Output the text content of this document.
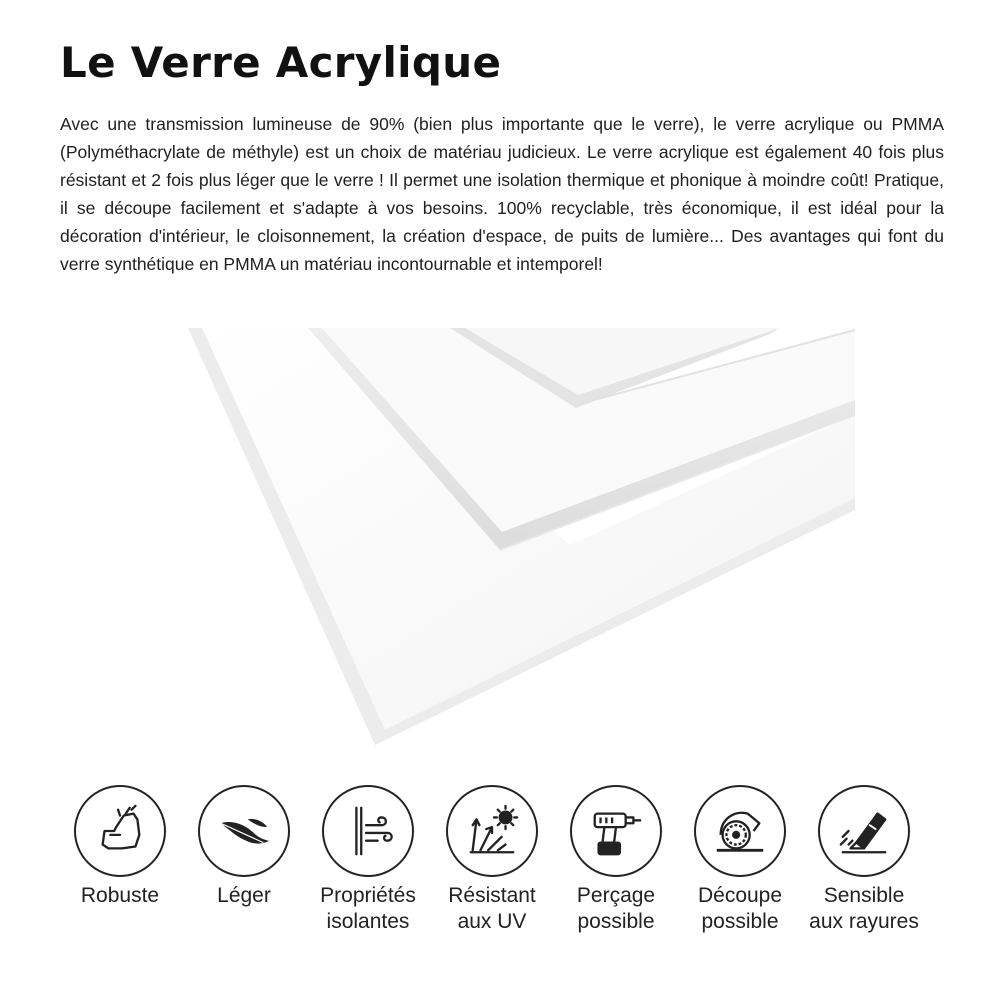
Le Verre Acrylique

Avec une transmission lumineuse de 90% (bien plus importante que le verre), le verre acrylique ou PMMA (Polyméthacrylate de méthyle) est un choix de matériau judicieux. Le verre acrylique est également 40 fois plus résistant et 2 fois plus léger que le verre ! Il permet une isolation thermique et phonique à moindre coût! Pratique, il se découpe facilement et s'adapte à vos besoins. 100% recyclable, très économique, il est idéal pour la décoration d'intérieur, le cloisonnement, la création d'espace, de puits de lumière... Des avantages qui font du verre synthétique en PMMA un matériau incontournable et intemporel!

Robuste	Léger	Propriétés
isolantes
Résistant
aux UV
Perçage
possible
Découpe
possible
Sensible
aux rayures
